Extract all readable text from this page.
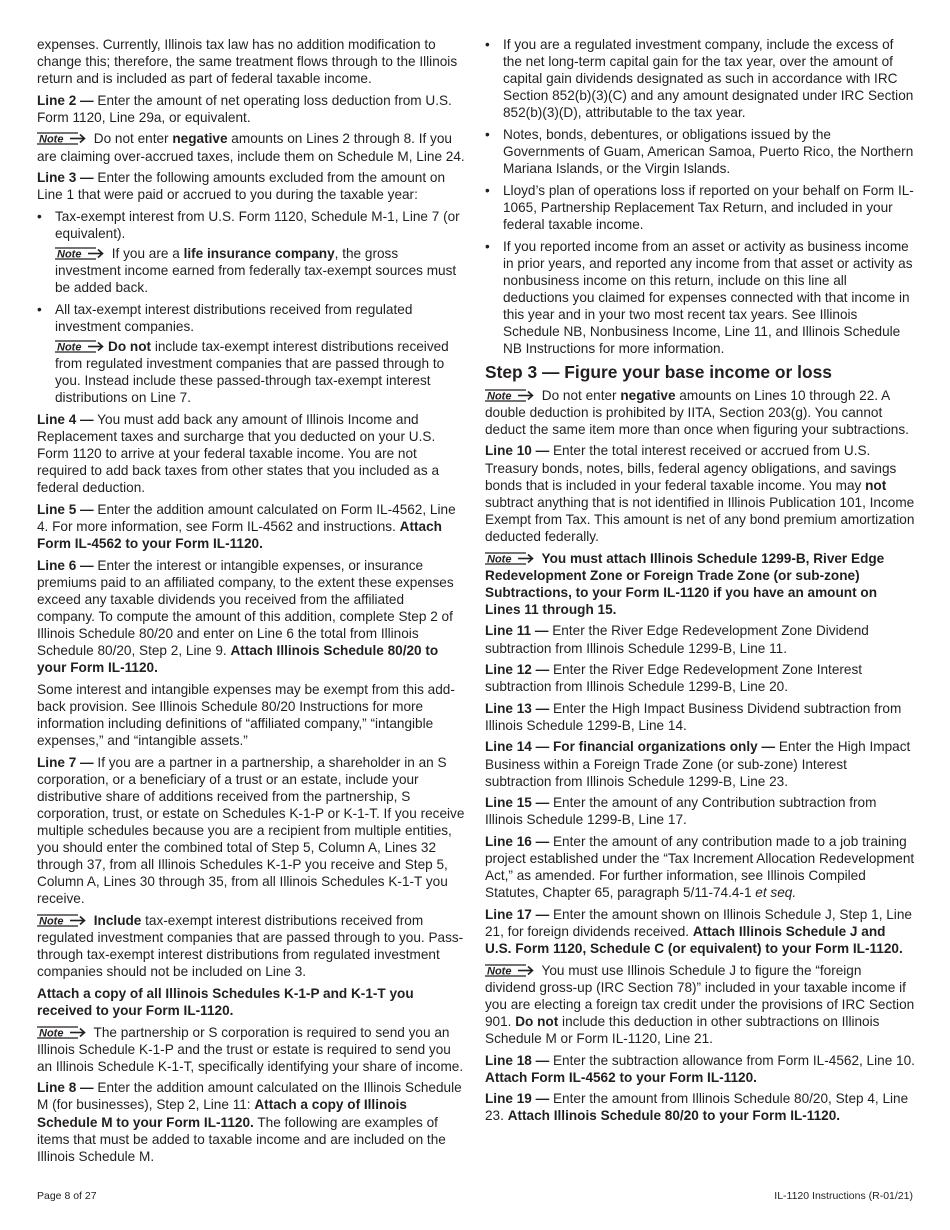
expenses. Currently, Illinois tax law has no addition modification to change this; therefore, the same treatment flows through to the Illinois return and is included as part of federal taxable income.

Line 2 — Enter the amount of net operating loss deduction from U.S. Form 1120, Line 29a, or equivalent.

Note Do not enter negative amounts on Lines 2 through 8. If you are claiming over-accrued taxes, include them on Schedule M, Line 24.

Line 3 — Enter the following amounts excluded from the amount on Line 1 that were paid or accrued to you during the taxable year:

• Tax-exempt interest from U.S. Form 1120, Schedule M-1, Line 7 (or equivalent).
Note If you are a life insurance company, the gross investment income earned from federally tax-exempt sources must be added back.
• All tax-exempt interest distributions received from regulated investment companies.
Note Do not include tax-exempt interest distributions received from regulated investment companies that are passed through to you. Instead include these passed-through tax-exempt interest distributions on Line 7.

Line 4 — You must add back any amount of Illinois Income and Replacement taxes and surcharge that you deducted on your U.S. Form 1120 to arrive at your federal taxable income. You are not required to add back taxes from other states that you included as a federal deduction.

Line 5 — Enter the addition amount calculated on Form IL-4562, Line 4. For more information, see Form IL-4562 and instructions. Attach Form IL-4562 to your Form IL-1120.

Line 6 — Enter the interest or intangible expenses, or insurance premiums paid to an affiliated company, to the extent these expenses exceed any taxable dividends you received from the affiliated company. To compute the amount of this addition, complete Step 2 of Illinois Schedule 80/20 and enter on Line 6 the total from Illinois Schedule 80/20, Step 2, Line 9. Attach Illinois Schedule 80/20 to your Form IL-1120.

Some interest and intangible expenses may be exempt from this add-back provision. See Illinois Schedule 80/20 Instructions for more information including definitions of “affiliated company,” “intangible expenses,” and “intangible assets.”

Line 7 — If you are a partner in a partnership, a shareholder in an S corporation, or a beneficiary of a trust or an estate, include your distributive share of additions received from the partnership, S corporation, trust, or estate on Schedules K-1-P or K-1-T. If you receive multiple schedules because you are a recipient from multiple entities, you should enter the combined total of Step 5, Column A, Lines 32 through 37, from all Illinois Schedules K-1-P you receive and Step 5, Column A, Lines 30 through 35, from all Illinois Schedules K-1-T you receive.

Note Include tax-exempt interest distributions received from regulated investment companies that are passed through to you. Pass-through tax-exempt interest distributions from regulated investment companies should not be included on Line 3.

Attach a copy of all Illinois Schedules K-1-P and K-1-T you received to your Form IL-1120.

Note The partnership or S corporation is required to send you an Illinois Schedule K-1-P and the trust or estate is required to send you an Illinois Schedule K-1-T, specifically identifying your share of income.

Line 8 — Enter the addition amount calculated on the Illinois Schedule M (for businesses), Step 2, Line 11: Attach a copy of Illinois Schedule M to your Form IL-1120. The following are examples of items that must be added to taxable income and are included on the Illinois Schedule M.

• If you are a regulated investment company, include the excess of the net long-term capital gain for the tax year, over the amount of capital gain dividends designated as such in accordance with IRC Section 852(b)(3)(C) and any amount designated under IRC Section 852(b)(3)(D), attributable to the tax year.
• Notes, bonds, debentures, or obligations issued by the Governments of Guam, American Samoa, Puerto Rico, the Northern Mariana Islands, or the Virgin Islands.
• Lloyd’s plan of operations loss if reported on your behalf on Form IL-1065, Partnership Replacement Tax Return, and included in your federal taxable income.
• If you reported income from an asset or activity as business income in prior years, and reported any income from that asset or activity as nonbusiness income on this return, include on this line all deductions you claimed for expenses connected with that income in this year and in your two most recent tax years. See Illinois Schedule NB, Nonbusiness Income, Line 11, and Illinois Schedule NB Instructions for more information.
Step 3 — Figure your base income or loss

Note Do not enter negative amounts on Lines 10 through 22. A double deduction is prohibited by IITA, Section 203(g). You cannot deduct the same item more than once when figuring your subtractions.

Line 10 — Enter the total interest received or accrued from U.S. Treasury bonds, notes, bills, federal agency obligations, and savings bonds that is included in your federal taxable income. You may not subtract anything that is not identified in Illinois Publication 101, Income Exempt from Tax. This amount is net of any bond premium amortization deducted federally.

Note You must attach Illinois Schedule 1299-B, River Edge Redevelopment Zone or Foreign Trade Zone (or sub-zone) Subtractions, to your Form IL-1120 if you have an amount on Lines 11 through 15.

Line 11 — Enter the River Edge Redevelopment Zone Dividend subtraction from Illinois Schedule 1299-B, Line 11.

Line 12 — Enter the River Edge Redevelopment Zone Interest subtraction from Illinois Schedule 1299-B, Line 20.

Line 13 — Enter the High Impact Business Dividend subtraction from Illinois Schedule 1299-B, Line 14.

Line 14 — For financial organizations only — Enter the High Impact Business within a Foreign Trade Zone (or sub-zone) Interest subtraction from Illinois Schedule 1299-B, Line 23.

Line 15 — Enter the amount of any Contribution subtraction from Illinois Schedule 1299-B, Line 17.

Line 16 — Enter the amount of any contribution made to a job training project established under the “Tax Increment Allocation Redevelopment Act,” as amended. For further information, see Illinois Compiled Statutes, Chapter 65, paragraph 5/11-74.4-1 et seq.

Line 17 — Enter the amount shown on Illinois Schedule J, Step 1, Line 21, for foreign dividends received. Attach Illinois Schedule J and U.S. Form 1120, Schedule C (or equivalent) to your Form IL-1120.

Note You must use Illinois Schedule J to figure the “foreign dividend gross-up (IRC Section 78)” included in your taxable income if you are electing a foreign tax credit under the provisions of IRC Section 901. Do not include this deduction in other subtractions on Illinois Schedule M or Form IL-1120, Line 21.

Line 18 — Enter the subtraction allowance from Form IL-4562, Line 10. Attach Form IL-4562 to your Form IL-1120.

Line 19 — Enter the amount from Illinois Schedule 80/20, Step 4, Line 23. Attach Illinois Schedule 80/20 to your Form IL-1120.

Page 8 of 27	IL-1120 Instructions (R-01/21)
